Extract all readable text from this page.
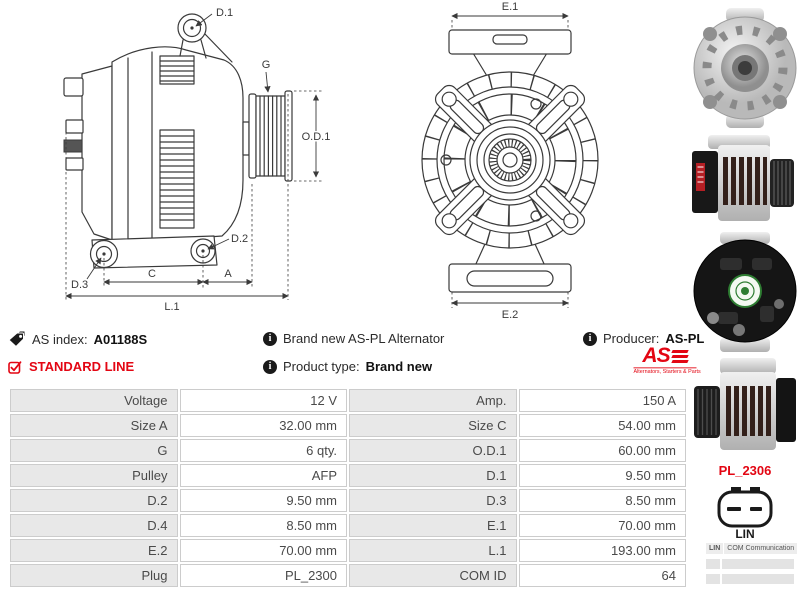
D.1
G
O.D.1
D.2
D.3
C	A
L.1
E.1
E.2
AS index: A01188S
STANDARD LINE
i Brand new AS-PL Alternator
i Product type: Brand new
i Producer: AS-PL
AS
Alternators, Starters & Parts
Voltage	12 V	Amp.	150 A
Size A	32.00 mm	Size C	54.00 mm
G	6 qty.	O.D.1	60.00 mm
Pulley	AFP	D.1	9.50 mm
D.2	9.50 mm	D.3	8.50 mm
D.4	8.50 mm	E.1	70.00 mm
E.2	70.00 mm	L.1	193.00 mm
Plug	PL_2300	COM ID	64
PL_2306
LIN
LIN	COM Communication
